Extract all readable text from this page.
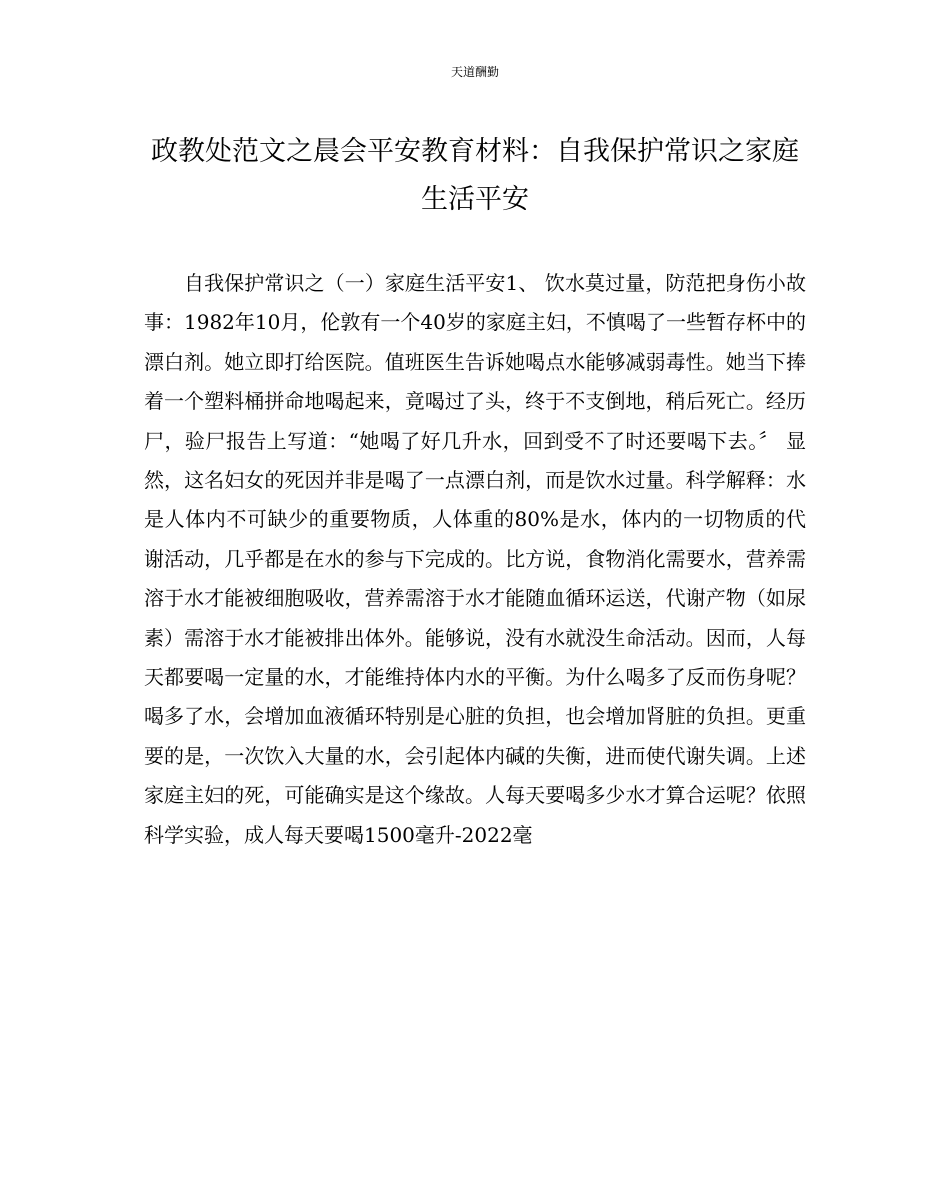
天道酬勤
政教处范文之晨会平安教育材料：自我保护常识之家庭生活平安

自我保护常识之（一）家庭生活平安1、 饮水莫过量，防范把身伤小故事：1982年10月，伦敦有一个40岁的家庭主妇，不慎喝了一些暂存杯中的漂白剂。她立即打给医院。值班医生告诉她喝点水能够减弱毒性。她当下捧着一个塑料桶拼命地喝起来，竟喝过了头，终于不支倒地，稍后死亡。经历尸，验尸报告上写道：“她喝了好几升水，回到受不了时还要喝下去。〞 显然，这名妇女的死因并非是喝了一点漂白剂，而是饮水过量。科学解释：水是人体内不可缺少的重要物质，人体重的80%是水，体内的一切物质的代谢活动，几乎都是在水的参与下完成的。比方说，食物消化需要水，营养需溶于水才能被细胞吸收，营养需溶于水才能随血循环运送，代谢产物（如尿素）需溶于水才能被排出体外。能够说，没有水就没生命活动。因而，人每天都要喝一定量的水，才能维持体内水的平衡。为什么喝多了反而伤身呢？喝多了水，会增加血液循环特别是心脏的负担，也会增加肾脏的负担。更重要的是，一次饮入大量的水，会引起体内碱的失衡，进而使代谢失调。上述家庭主妇的死，可能确实是这个缘故。人每天要喝多少水才算合运呢？依照科学实验，成人每天要喝1500毫升-2022毫
